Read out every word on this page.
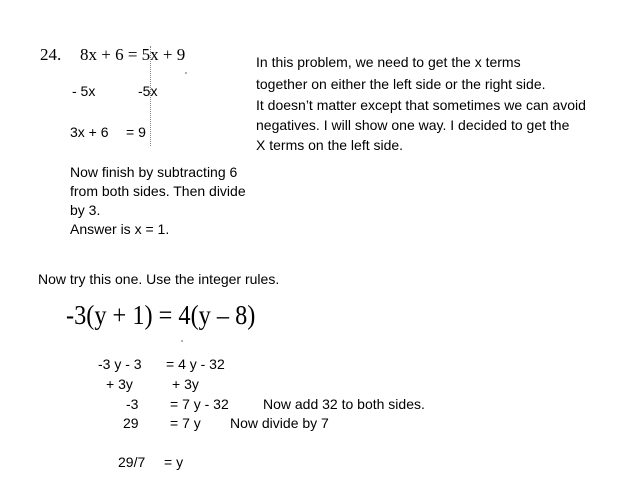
24. 8x + 6 = 5x + 9
- 5x	-5x
3x + 6 = 9
In this problem, we need to get the x terms
together on either the left side or the right side.
It doesn’t matter except that sometimes we can avoid
negatives. I will show one way. I decided to get the
X terms on the left side.
Now finish by subtracting 6
from both sides. Then divide
by 3.
Answer is x = 1.
Now try this one. Use the integer rules.
-3(y + 1) = 4(y – 8)
-3 y - 3 = 4 y - 32
+ 3y	+ 3y
-3 = 7 y - 32 Now add 32 to both sides.
29 = 7 y Now divide by 7
29/7 = y
